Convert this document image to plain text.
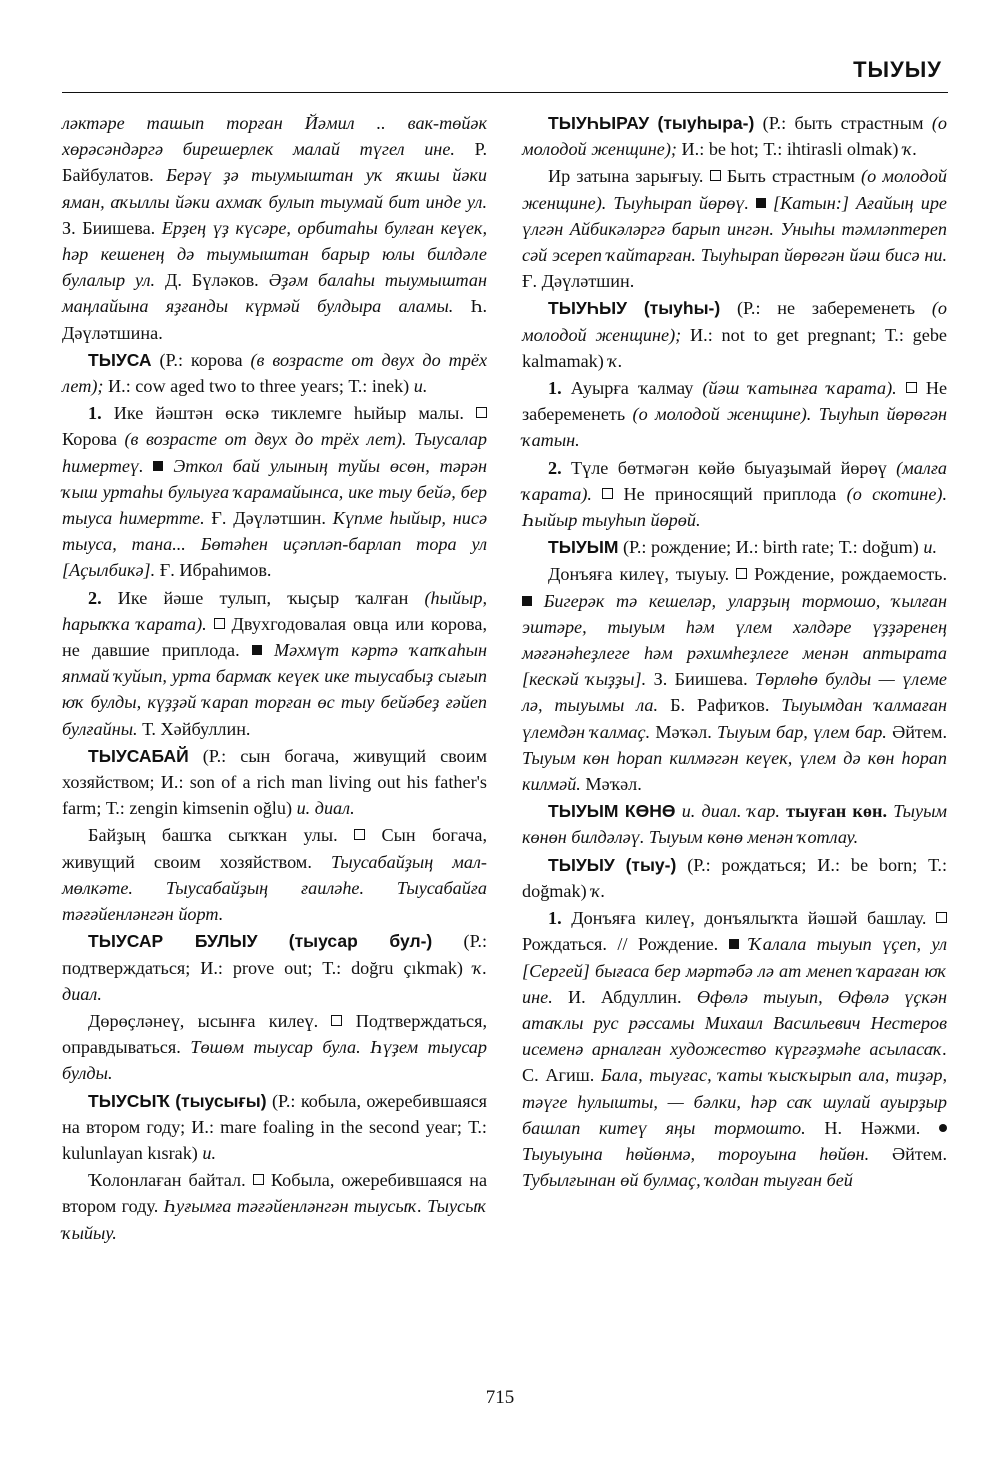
ТЫУЫУ

ләктәре ташып торған Йәмил .. вак-төйәк хөрәсәндәргә бирешерлек малай түгел ине. Р. Байбулатов. Берәү ҙә тыумыштан уҡ яҡшы йәки яман, аҡыллы йәки ахмаҡ булып тыумай бит инде ул. З. Биишева. Ерҙең үҙ күсәре, орбитаһы булған кеүек, һәр кешенең дә тыумыштан барыр юлы билдәле булалыр ул. Д. Бүләков. Әҙәм балаһы тыумыштан маңлайына яҙғанды күрмәй булдыра аламы. Һ. Дәүләтшина.

ТЫУСА (Р.: корова (в возрасте от двух до трёх лет); И.: cow aged two to three years; Т.: inek) и.

1. Ике йәштән өскә тиклемге һыйыр малы.  Корова (в возрасте от двух до трёх лет). Тыусалар һимертеү. Эткол бай улының туйы өсөн, тәрән ҡыш уртаһы булыуға ҡарамайынса, ике тыу бейә, бер тыуса һимертте. Ғ. Дәүләтшин. Күпме һыйыр, нисә тыуса, тана... Бөтәһен иҫәпләп-барлап тора ул [Аҫылбикә]. Ғ. Ибраһимов.

2. Ике йәше тулып, ҡыҫыр ҡалған (һыйыр, һарыҡҡа ҡарата). Двухгодовалая овца или корова, не давшие приплода. Мәхмүт кәртә ҡапҡаһын япмай ҡуйып, урта бармаҡ кеүек ике тыусабыҙ сығып юҡ булды, күҙҙәй ҡарап торған өс тыу бейәбеҙ ғәйеп булғайны. Т. Хәйбуллин.

ТЫУСАБАЙ (Р.: сын богача, живущий своим хозяйством; И.: son of a rich man living out his father's farm; Т.: zengin kimsenin oğlu) и. диал.

Байҙың башҡа сыҡҡан улы. Сын богача, живущий своим хозяйством. Тыусабайҙың мал-мөлкәте. Тыусабайҙың ғаиләһе. Тыусабайға тәғәйенләнгән йорт.

ТЫУСАР БУЛЫУ (тыусар бул-) (Р.: подтверждаться; И.: prove out; Т.: doğru çıkmak) ҡ. диал.

Дөрөҫләнеү, ысынға килеү. Подтверждаться, оправдываться. Төшөм тыусар була. Һүҙем тыусар булды.

ТЫУСЫҠ (тыусығы) (Р.: кобыла, ожеребившаяся на втором году; И.: mare foaling in the second year; Т.: kulunlayan kısrak) и.

Ҡолонлаған байтал. Кобыла, ожеребившаяся на втором году. Һуғымға тәғәйенләнгән тыусыҡ. Тыусыҡ ҡыйыу.

ТЫУҺЫРАУ (тыуһыра-) (Р.: быть страстным (о молодой женщине); И.: be hot; Т.: ihtirasli olmak) ҡ.

Ир затына зарығыу. Быть страстным (о молодой женщине). Тыуһырап йөрөү. [Катын:] Ағайың ире үлгән Айбикәләргә барып ингән. Уныһы тәмләптереп сәй эсереп ҡайтарған. Тыуһырап йөрөгән йәш бисә ни. Ғ. Дәүләтшин.

ТЫУҺЫУ (тыуһы-) (Р.: не забеременеть (о молодой женщине); И.: not to get pregnant; Т.: gebe kalmamak) ҡ.

1. Ауырға ҡалмау (йәш ҡатынға ҡарата). Не забеременеть (о молодой женщине). Тыуһып йөрөгән ҡатын.

2. Түле бөтмәгән көйө быуаҙымай йөрөү (малға ҡарата). Не приносящий приплода (о скотине). Һыйыр тыуһып йөрөй.

ТЫУЫМ (Р.: рождение; И.: birth rate; Т.: doğum) и.

Донъяға килеү, тыуыу. Рождение, рождаемость.  Бигерәк тә кешеләр, уларҙың тормошо, ҡылған эштәре, тыуым һәм үлем хәлдәре үҙҙәренең мәғәнәһеҙлеге һәм рәхимһеҙлеге менән аптырата [кескәй ҡыҙҙы]. З. Биишева. Төрлөһө булды — үлеме лә, тыуымы ла. Б. Рафиҡов. Тыуымдан ҡалмаған үлемдән ҡалмаҫ. Мәҡәл. Тыуым бар, үлем бар. Әйтем. Тыуым көн һорап килмәгән кеүек, үлем дә көн һорап килмәй. Мәҡәл.

ТЫУЫМ КӨНӨ и. диал. ҡар. тыуған көн. Тыуым көнөн билдәләү. Тыуым көнө менән ҡотлау.

ТЫУЫУ (тыу-) (Р.: рождаться; И.: be born; Т.: doğmak) ҡ.

1. Донъяға килеү, донъялыҡта йәшәй башлау.  Рождаться. // Рождение. Ҡалала тыуып үҫеп, ул [Сергей] бығаса бер мәртәбә лә ат менеп ҡараған юҡ ине. И. Абдуллин. Өфөлә тыуып, Өфөлә үҫкән атаҡлы рус рәссамы Михаил Васильевич Нестеров исеменә арналған художество күргәҙмәһе асыласаҡ. С. Агиш. Бала, тыуғас, ҡаты ҡысҡырып ала, тиҙәр, тәүге һулышты, — бәлки, һәр саҡ шулай ауырҙыр башлап китеү яңы тормошто. Н. Нәжми.  Тыуыуына һөйөнмә, тороуына һөйөн. Әйтем. Тубылғынан өй булмаҫ, ҡолдан тыуған бей

715
